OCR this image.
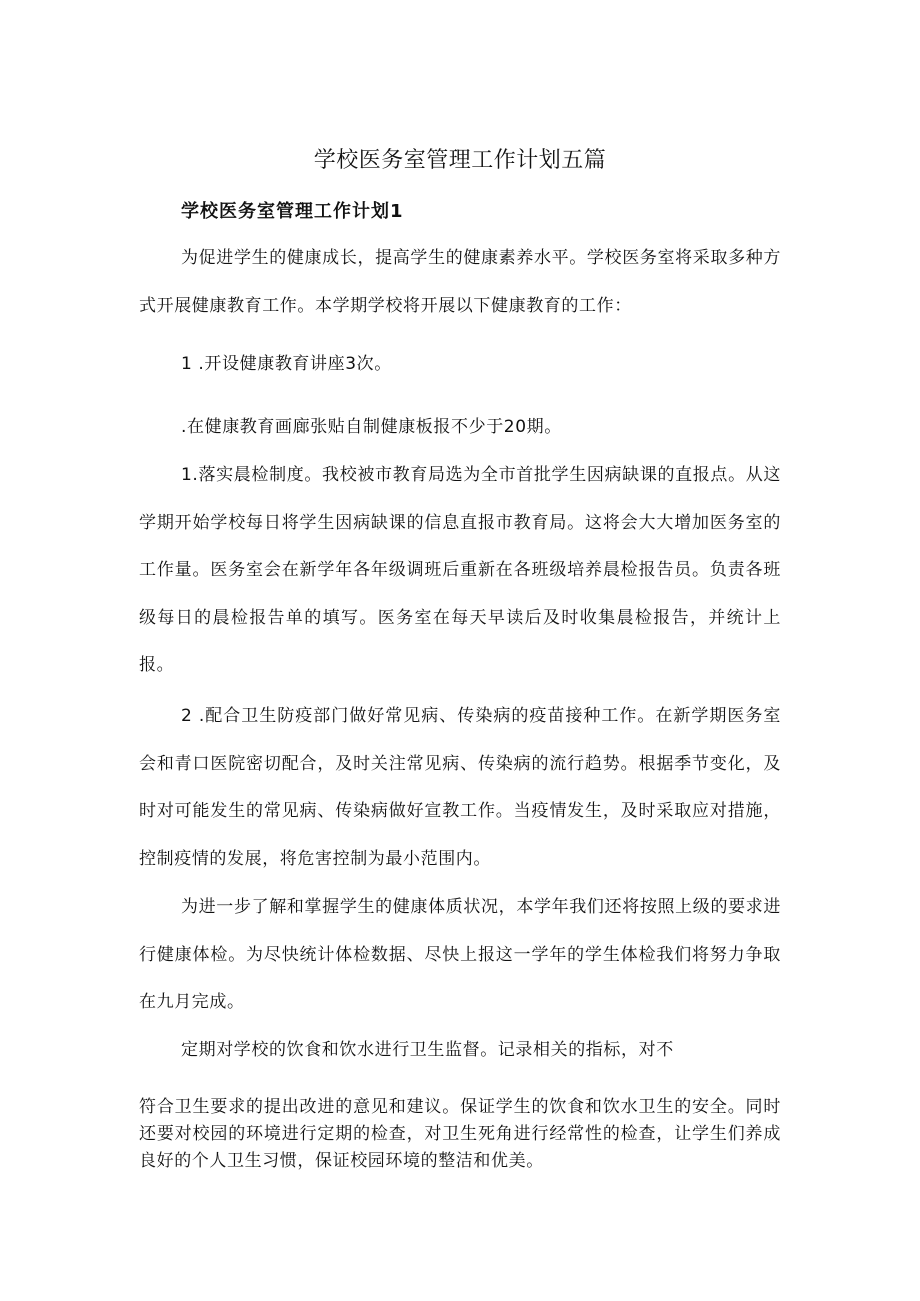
学校医务室管理工作计划五篇
学校医务室管理工作计划1

为促进学生的健康成长，提高学生的健康素养水平。学校医务室将采取多种方式开展健康教育工作。本学期学校将开展以下健康教育的工作：

1 .开设健康教育讲座3次。

.在健康教育画廊张贴自制健康板报不少于20期。

1.落实晨检制度。我校被市教育局选为全市首批学生因病缺课的直报点。从这学期开始学校每日将学生因病缺课的信息直报市教育局。这将会大大增加医务室的工作量。医务室会在新学年各年级调班后重新在各班级培养晨检报告员。负责各班级每日的晨检报告单的填写。医务室在每天早读后及时收集晨检报告，并统计上报。

2 .配合卫生防疫部门做好常见病、传染病的疫苗接种工作。在新学期医务室会和青口医院密切配合，及时关注常见病、传染病的流行趋势。根据季节变化，及时对可能发生的常见病、传染病做好宣教工作。当疫情发生，及时采取应对措施，控制疫情的发展，将危害控制为最小范围内。

为进一步了解和掌握学生的健康体质状况，本学年我们还将按照上级的要求进行健康体检。为尽快统计体检数据、尽快上报这一学年的学生体检我们将努力争取在九月完成。

定期对学校的饮食和饮水进行卫生监督。记录相关的指标，对不

符合卫生要求的提出改进的意见和建议。保证学生的饮食和饮水卫生的安全。同时还要对校园的环境进行定期的检查，对卫生死角进行经常性的检查，让学生们养成良好的个人卫生习惯，保证校园环境的整洁和优美。
